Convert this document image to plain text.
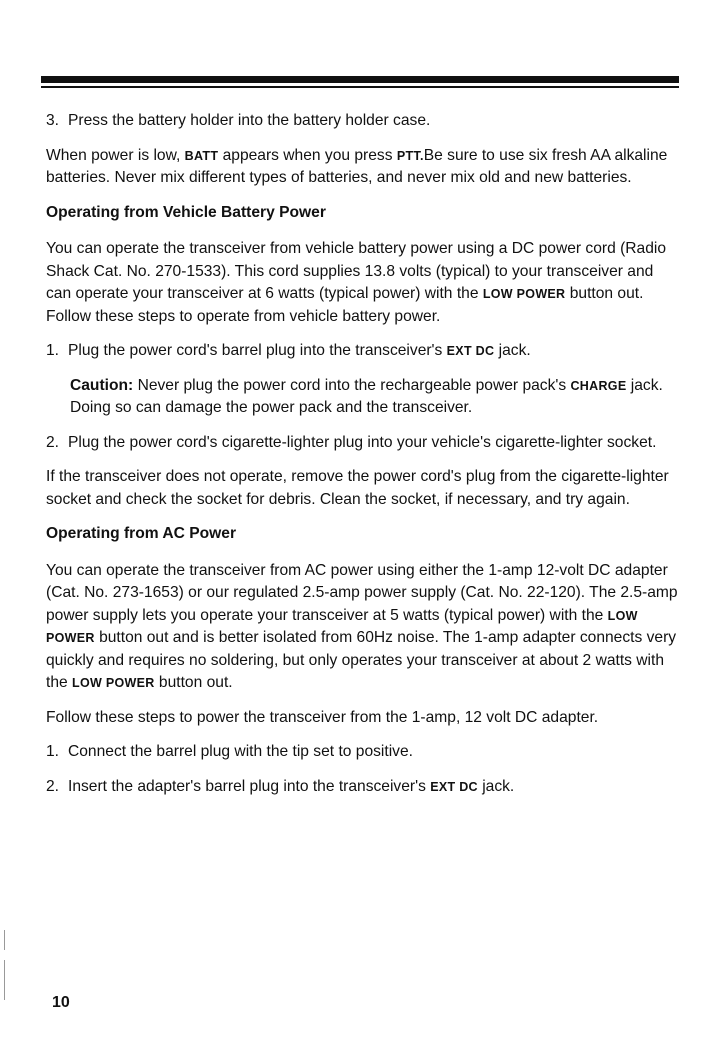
3. Press the battery holder into the battery holder case.

When power is low, BATT appears when you press PTT.Be sure to use six fresh AA alkaline batteries. Never mix different types of batteries, and never mix old and new batteries.

Operating from Vehicle Battery Power

You can operate the transceiver from vehicle battery power using a DC power cord (Radio Shack Cat. No. 270-1533). This cord supplies 13.8 volts (typical) to your transceiver and can operate your transceiver at 6 watts (typical power) with the LOW POWER button out. Follow these steps to operate from vehicle battery power.

1. Plug the power cord's barrel plug into the transceiver's EXT DC jack.

Caution: Never plug the power cord into the rechargeable power pack's CHARGE jack. Doing so can damage the power pack and the transceiver.

2. Plug the power cord's cigarette-lighter plug into your vehicle's cigarette-lighter socket.

If the transceiver does not operate, remove the power cord's plug from the cigarette-lighter socket and check the socket for debris. Clean the socket, if necessary, and try again.

Operating from AC Power

You can operate the transceiver from AC power using either the 1-amp 12-volt DC adapter (Cat. No. 273-1653) or our regulated 2.5-amp power supply (Cat. No. 22-120). The 2.5-amp power supply lets you operate your transceiver at 5 watts (typical power) with the LOW POWER button out and is better isolated from 60Hz noise. The 1-amp adapter connects very quickly and requires no soldering, but only operates your transceiver at about 2 watts with the LOW POWER button out.

Follow these steps to power the transceiver from the 1-amp, 12 volt DC adapter.

1. Connect the barrel plug with the tip set to positive.
2. Insert the adapter's barrel plug into the transceiver's EXT DC jack.
10
